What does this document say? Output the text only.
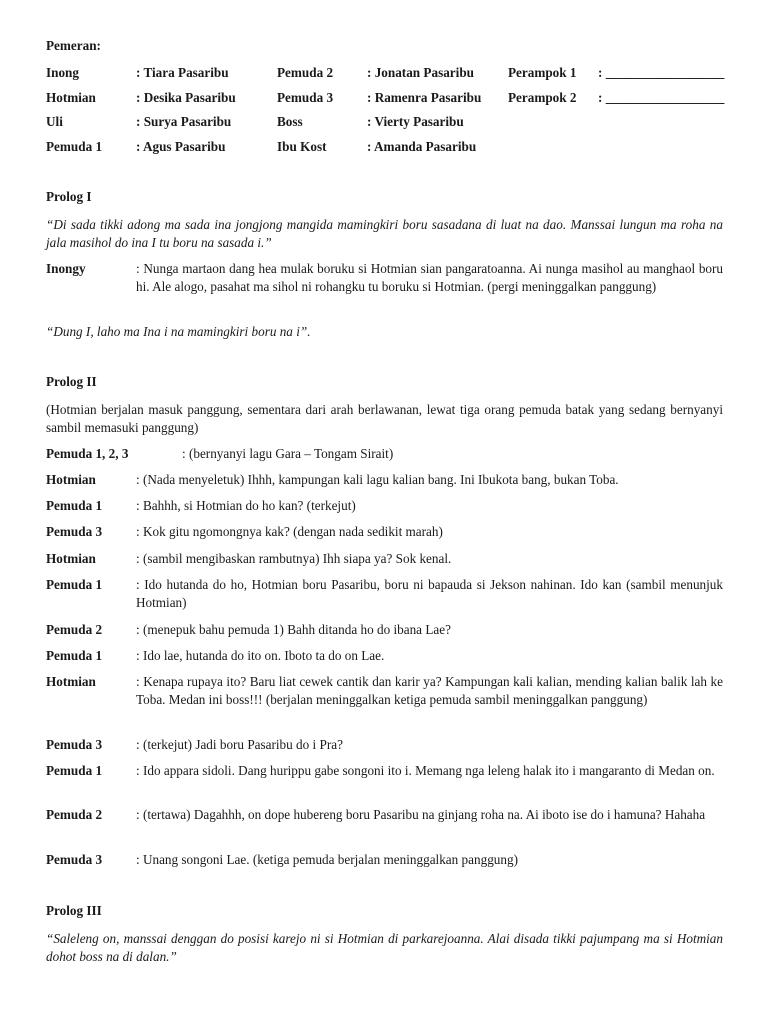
Pemeran:
Inong	: Tiara Pasaribu	Pemuda 2	: Jonatan Pasaribu	Perampok 1 : __________________
Hotmian	: Desika Pasaribu	Pemuda 3	: Ramenra Pasaribu Perampok 2 : __________________
Uli	: Surya Pasaribu	Boss	: Vierty Pasaribu
Pemuda 1	: Agus Pasaribu	Ibu Kost	: Amanda Pasaribu
Prolog I
“Di sada tikki adong ma sada ina jongjong mangida mamingkiri boru sasadana di luat na dao. Manssai lungun ma roha na jala masihol do ina I tu boru na sasada i.”
Inongy	: Nunga martaon dang hea mulak boruku si Hotmian sian pangaratoanna. Ai nunga masihol au manghaol boru hi. Ale alogo, pasahat ma sihol ni rohangku tu boruku si Hotmian. (pergi meninggalkan panggung)
“Dung I, laho ma Ina i na mamingkiri boru na i”.
Prolog II
(Hotmian berjalan masuk panggung, sementara dari arah berlawanan, lewat tiga orang pemuda batak yang sedang bernyanyi sambil memasuki panggung)
Pemuda 1, 2, 3	: (bernyanyi lagu Gara – Tongam Sirait)
Hotmian	: (Nada menyeletuk) Ihhh, kampungan kali lagu kalian bang. Ini Ibukota bang, bukan Toba.
Pemuda 1	: Bahhh, si Hotmian do ho kan? (terkejut)
Pemuda 3	: Kok gitu ngomongnya kak? (dengan nada sedikit marah)
Hotmian	: (sambil mengibaskan rambutnya) Ihh siapa ya? Sok kenal.
Pemuda 1	: Ido hutanda do ho, Hotmian boru Pasaribu, boru ni bapauda si Jekson nahinan. Ido kan (sambil menunjuk Hotmian)
Pemuda 2	: (menepuk bahu pemuda 1) Bahh ditanda ho do ibana Lae?
Pemuda 1	: Ido lae, hutanda do ito on. Iboto ta do on Lae.
Hotmian	: Kenapa rupaya ito? Baru liat cewek cantik dan karir ya? Kampungan kali kalian, mending kalian balik lah ke Toba. Medan ini boss!!! (berjalan meninggalkan ketiga pemuda sambil meninggalkan panggung)
Pemuda 3	: (terkejut) Jadi boru Pasaribu do i Pra?
Pemuda 1	: Ido appara sidoli. Dang hurippu gabe songoni ito i. Memang nga leleng halak ito i mangaranto di Medan on.
Pemuda 2	: (tertawa) Dagahhh, on dope hubereng boru Pasaribu na ginjang roha na. Ai iboto ise do i hamuna? Hahaha
Pemuda 3	: Unang songoni Lae. (ketiga pemuda berjalan meninggalkan panggung)
Prolog III
“Saleleng on, manssai denggan do posisi karejo ni si Hotmian di parkarejoanna. Alai disada tikki pajumpang ma si Hotmian dohot boss na di dalan.”
